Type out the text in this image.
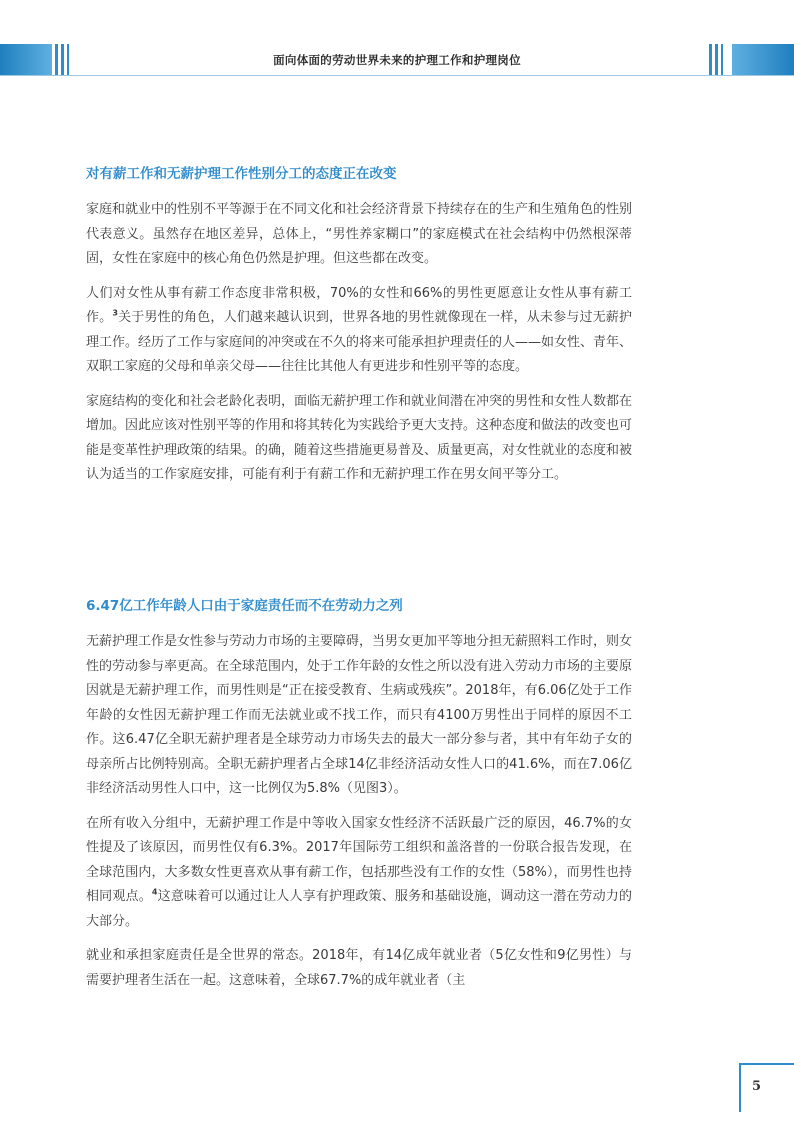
面向体面的劳动世界未来的护理工作和护理岗位
对有薪工作和无薪护理工作性别分工的态度正在改变

家庭和就业中的性别不平等源于在不同文化和社会经济背景下持续存在的生产和生殖角色的性别代表意义。虽然存在地区差异，总体上，“男性养家糊口”的家庭模式在社会结构中仍然根深蒂固，女性在家庭中的核心角色仍然是护理。但这些都在改变。

人们对女性从事有薪工作态度非常积极，70%的女性和66%的男性更愿意让女性从事有薪工作。$^3$关于男性的角色，人们越来越认识到，世界各地的男性就像现在一样，从未参与过无薪护理工作。经历了工作与家庭间的冲突或在不久的将来可能承担护理责任的人——如女性、青年、双职工家庭的父母和单亲父母——往往比其他人有更进步和性别平等的态度。

家庭结构的变化和社会老龄化表明，面临无薪护理工作和就业间潜在冲突的男性和女性人数都在增加。因此应该对性别平等的作用和将其转化为实践给予更大支持。这种态度和做法的改变也可能是变革性护理政策的结果。的确，随着这些措施更易普及、质量更高，对女性就业的态度和被认为适当的工作家庭安排，可能有利于有薪工作和无薪护理工作在男女间平等分工。

6.47亿工作年龄人口由于家庭责任而不在劳动力之列

无薪护理工作是女性参与劳动力市场的主要障碍，当男女更加平等地分担无薪照料工作时，则女性的劳动参与率更高。在全球范围内，处于工作年龄的女性之所以没有进入劳动力市场的主要原因就是无薪护理工作，而男性则是“正在接受教育、生病或残疾”。2018年，有6.06亿处于工作年龄的女性因无薪护理工作而无法就业或不找工作，而只有4100万男性出于同样的原因不工作。这6.47亿全职无薪护理者是全球劳动力市场失去的最大一部分参与者，其中有年幼子女的母亲所占比例特别高。全职无薪护理者占全球14亿非经济活动女性人口的41.6%，而在7.06亿非经济活动男性人口中，这一比例仅为5.8%（见图3）。

在所有收入分组中，无薪护理工作是中等收入国家女性经济不活跃最广泛的原因，46.7%的女性提及了该原因，而男性仅有6.3%。2017年国际劳工组织和盖洛普的一份联合报告发现，在全球范围内，大多数女性更喜欢从事有薪工作，包括那些没有工作的女性（58%），而男性也持相同观点。$^4$这意味着可以通过让人人享有护理政策、服务和基础设施，调动这一潜在劳动力的大部分。

就业和承担家庭责任是全世界的常态。2018年，有14亿成年就业者（5亿女性和9亿男性）与需要护理者生活在一起。这意味着，全球67.7%的成年就业者（主

5
